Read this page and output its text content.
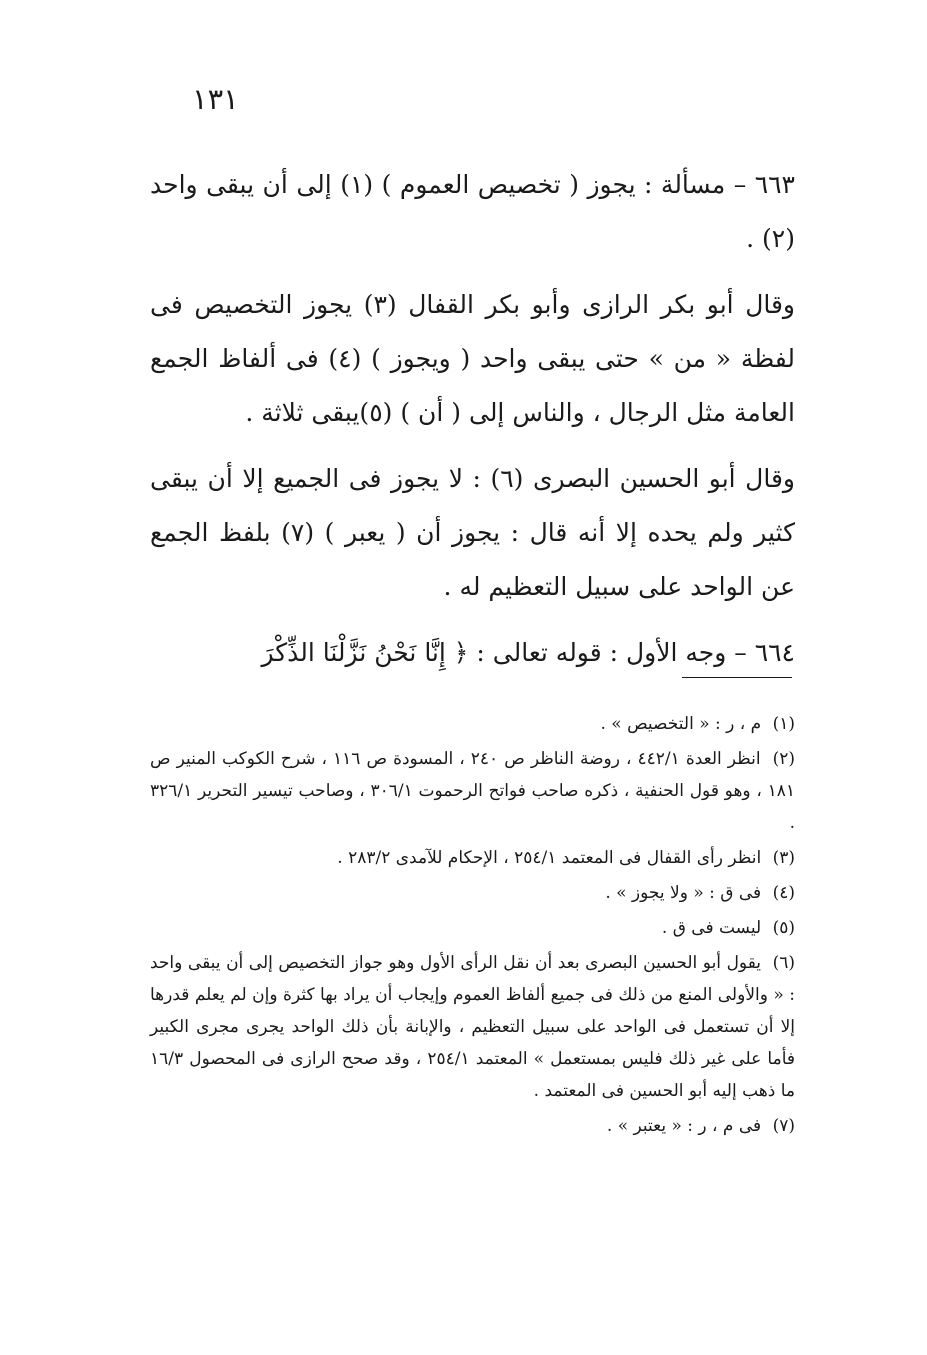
١٣١

٦٦٣ – مسألة : يجوز ( تخصيص العموم ) (١) إلى أن يبقى واحد (٢) .

وقال أبو بكر الرازى وأبو بكر القفال (٣) يجوز التخصيص فى لفظة « من » حتى يبقى واحد ( ويجوز ) (٤) فى ألفاظ الجمع العامة مثل الرجال ، والناس إلى ( أن ) (٥)يبقى ثلاثة .

وقال أبو الحسين البصرى (٦) : لا يجوز فى الجميع إلا أن يبقى كثير ولم يحده إلا أنه قال : يجوز أن ( يعبر ) (٧) بلفظ الجمع عن الواحد على سبيل التعظيم له .

٦٦٤ – وجه الأول : قوله تعالى : ﴿ إِنَّا نَحْنُ نَزَّلْنَا الذِّكْرَ

(١) م ، ر : « التخصيص » .

(٢) انظر العدة ٤٤٢/١ ، روضة الناظر ص ٢٤٠ ، المسودة ص ١١٦ ، شرح الكوكب المنير ص ١٨١ ، وهو قول الحنفية ، ذكره صاحب فواتح الرحموت ٣٠٦/١ ، وصاحب تيسير التحرير ٣٢٦/١ .

(٣) انظر رأى القفال فى المعتمد ٢٥٤/١ ، الإحكام للآمدى ٢٨٣/٢ .

(٤) فى ق : « ولا يجوز » .

(٥) ليست فى ق .

(٦) يقول أبو الحسين البصرى بعد أن نقل الرأى الأول وهو جواز التخصيص إلى أن يبقى واحد : « والأولى المنع من ذلك فى جميع ألفاظ العموم وإيجاب أن يراد بها كثرة وإن لم يعلم قدرها إلا أن تستعمل فى الواحد على سبيل التعظيم ، والإبانة بأن ذلك الواحد يجرى مجرى الكبير فأما على غير ذلك فليس بمستعمل » المعتمد ٢٥٤/١ ، وقد صحح الرازى فى المحصول ١٦/٣ ما ذهب إليه أبو الحسين فى المعتمد .

(٧) فى م ، ر : « يعتبر » .
